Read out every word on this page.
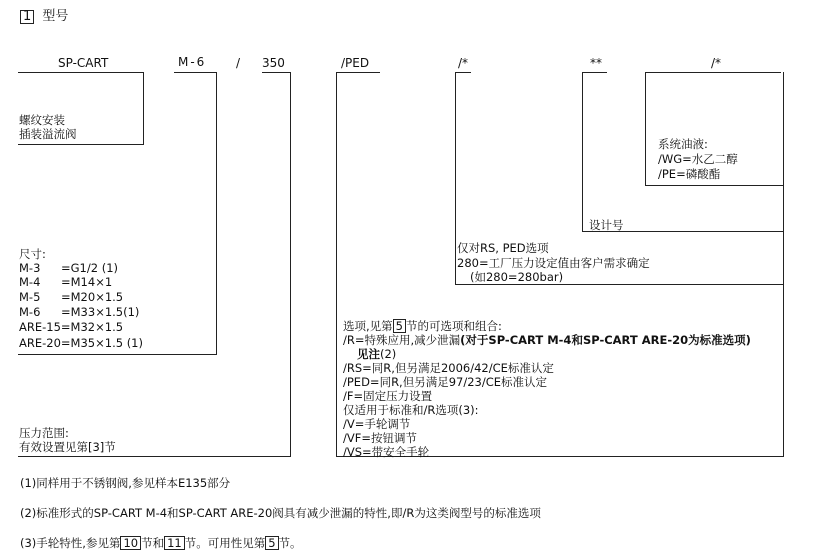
1 型号
SP-CART	M-6 / 350	/PED	/*	**	/*
螺纹安装
插装溢流阀
尺寸:
M-3 =G1/2 (1)
M-4 =M14×1
M-5 =M20×1.5
M-6 =M33×1.5(1)
ARE-15=M32×1.5
ARE-20=M35×1.5 (1)
压力范围:
有效设置见第[3]节
系统油液:
/WG=水乙二醇
/PE=磷酸酯
设计号
仅对RS, PED选项
280=工厂压力设定值由客户需求确定
(如280=280bar)
选项,见第 5 节的可选项和组合:
/R=特殊应用,减少泄漏(对于SP-CART M-4和SP-CART ARE-20为标准选项)
见注(2)
/RS=同R,但另满足2006/42/CE标准认定
/PED=同R,但另满足97/23/CE标准认定
/F=固定压力设置
仅适用于标准和/R选项(3):
/V=手轮调节
/VF=按钮调节
/VS=带安全手轮
(1)同样用于不锈钢阀,参见样本E135部分
(2)标准形式的SP-CART M-4和SP-CART ARE-20阀具有减少泄漏的特性,即/R为这类阀型号的标准选项
(3)手轮特性,参见第 10 节和 11 节。可用性见第 5 节。
